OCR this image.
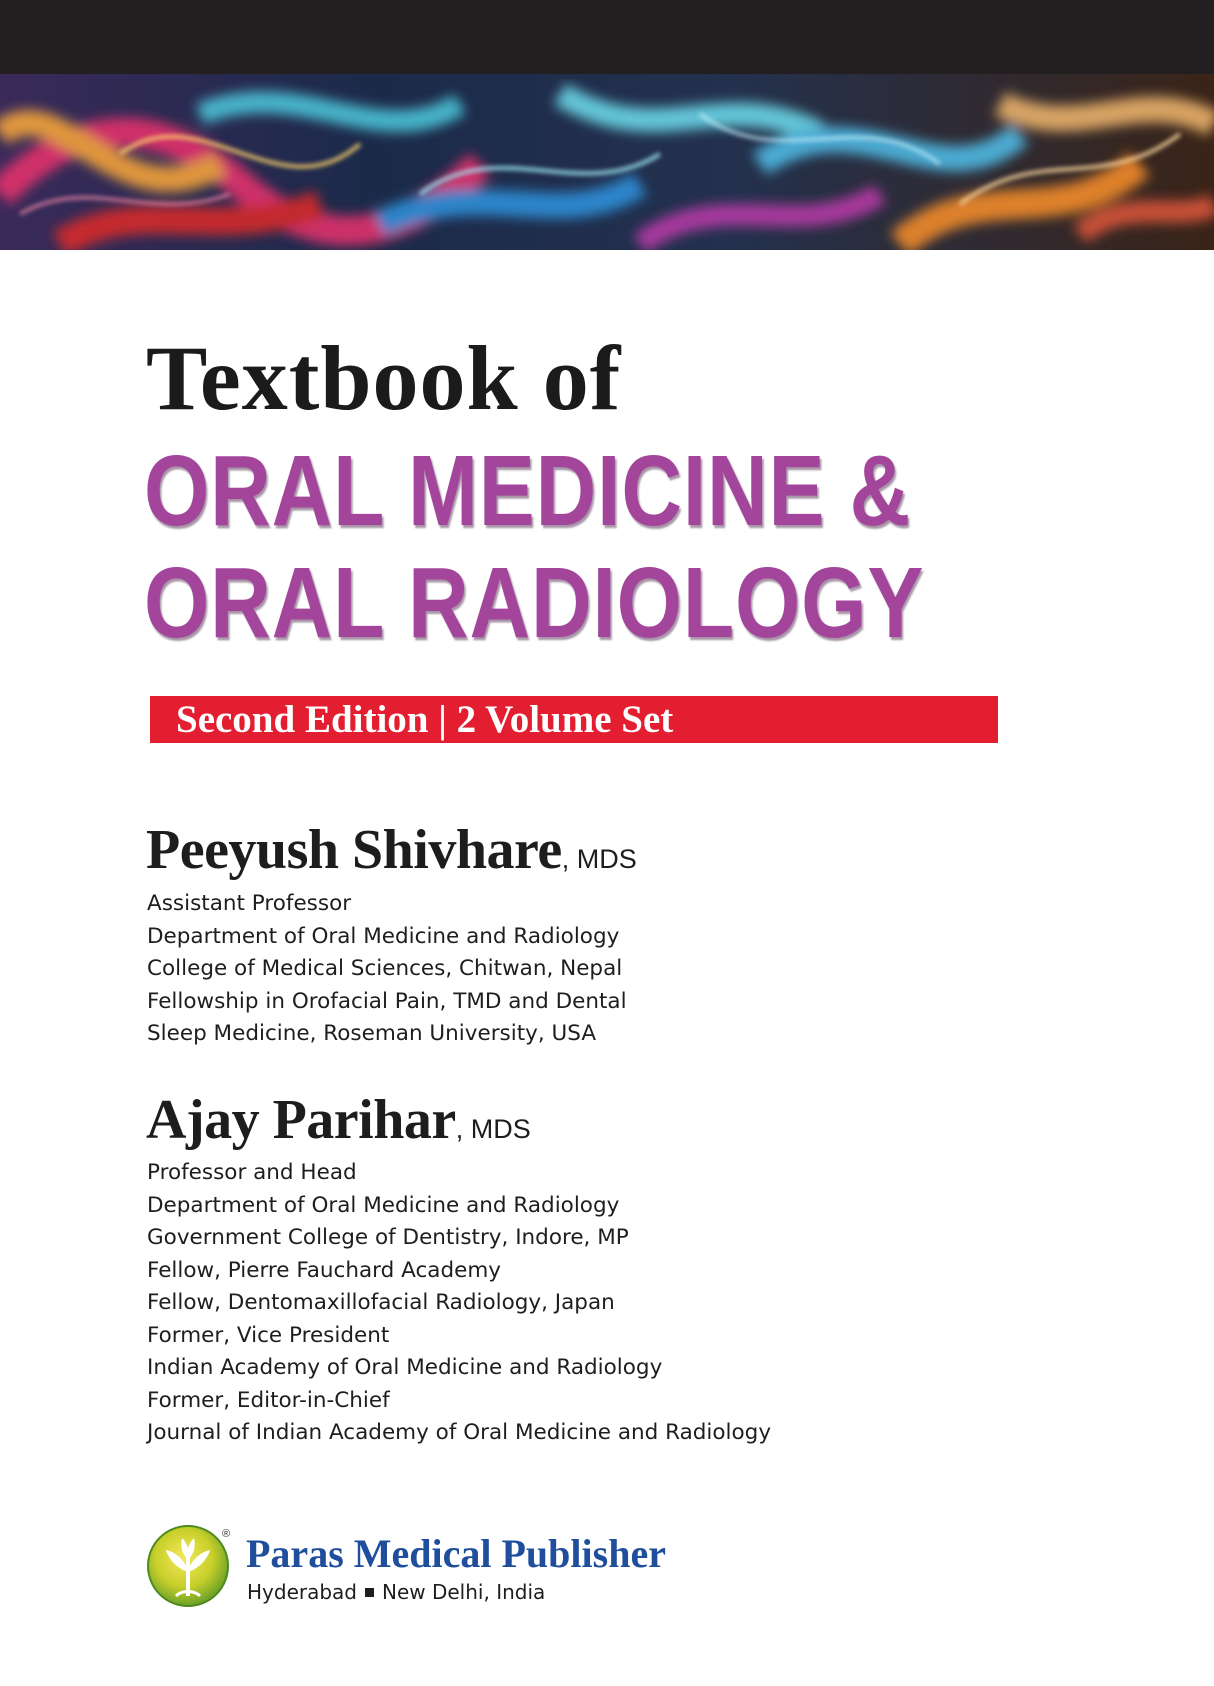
Textbook of
ORAL MEDICINE &
ORAL RADIOLOGY
Second Edition | 2 Volume Set
Peeyush Shivhare, MDS
Assistant Professor
Department of Oral Medicine and Radiology
College of Medical Sciences, Chitwan, Nepal
Fellowship in Orofacial Pain, TMD and Dental
Sleep Medicine, Roseman University, USA
Ajay Parihar, MDS
Professor and Head
Department of Oral Medicine and Radiology
Government College of Dentistry, Indore, MP
Fellow, Pierre Fauchard Academy
Fellow, Dentomaxillofacial Radiology, Japan
Former, Vice President
Indian Academy of Oral Medicine and Radiology
Former, Editor-in-Chief
Journal of Indian Academy of Oral Medicine and Radiology
® Paras Medical Publisher
Hyderabad New Delhi, India
